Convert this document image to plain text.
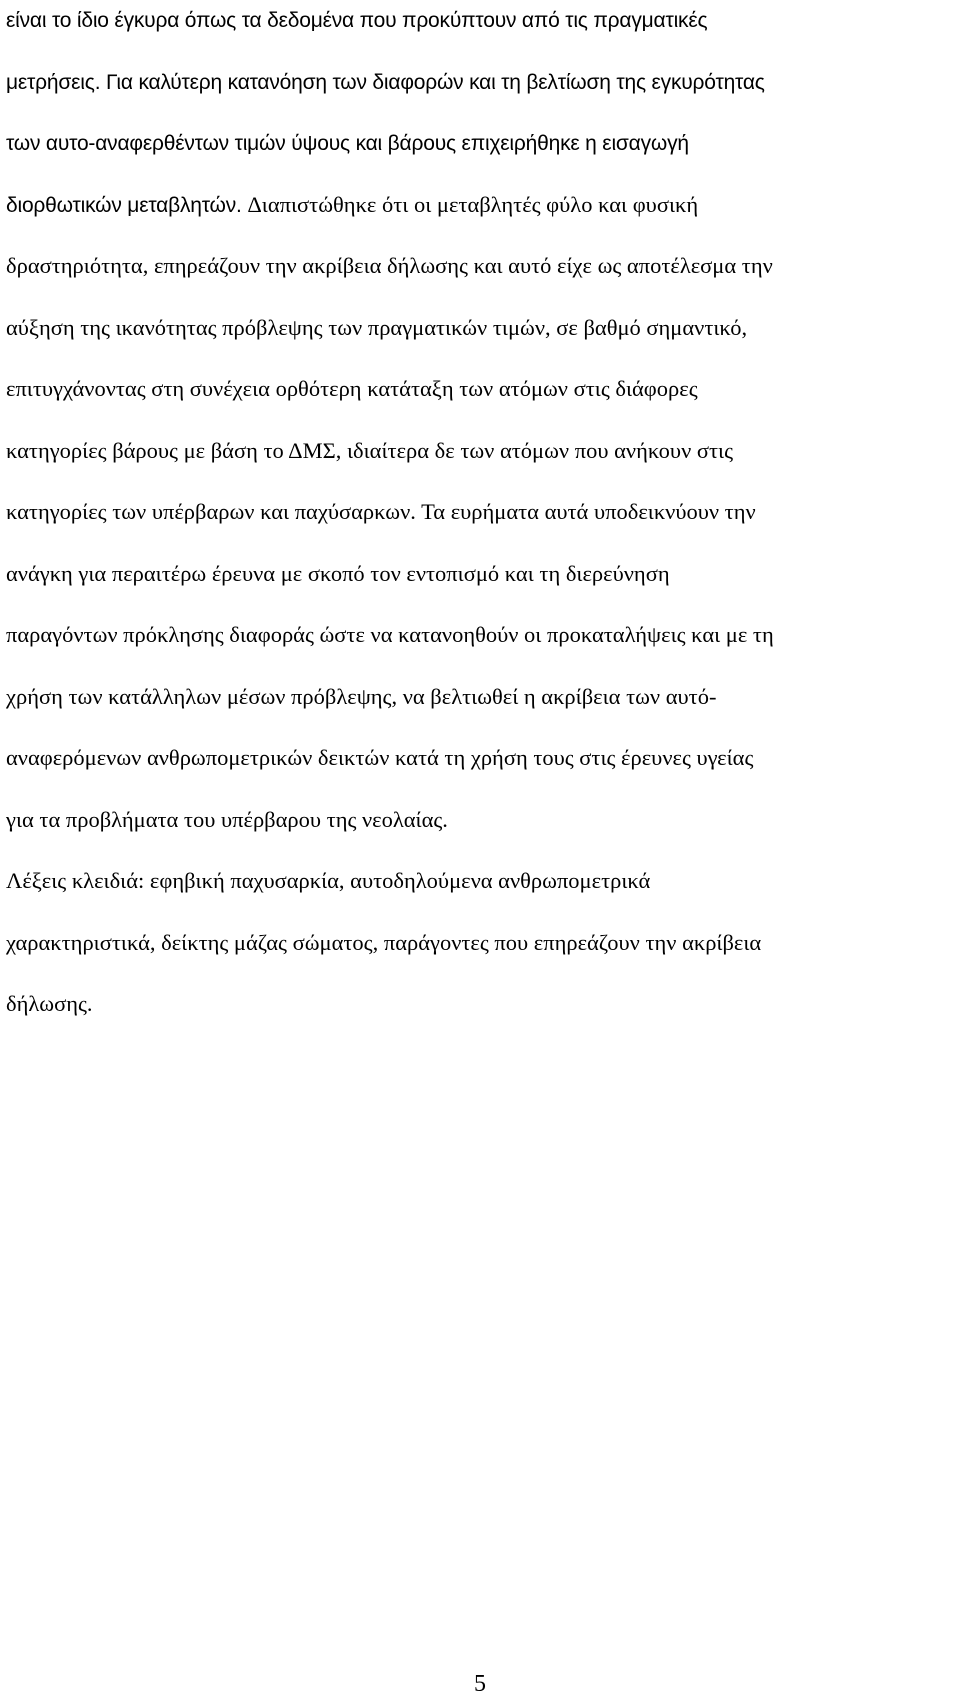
είναι το ίδιο έγκυρα όπως τα δεδομένα που προκύπτουν από τις πραγματικές
μετρήσεις. Για καλύτερη κατανόηση των διαφορών και τη βελτίωση της εγκυρότητας
των αυτο-αναφερθέντων τιμών ύψους και βάρους επιχειρήθηκε η εισαγωγή
διορθωτικών μεταβλητών. Διαπιστώθηκε ότι οι μεταβλητές φύλο και φυσική
δραστηριότητα, επηρεάζουν την ακρίβεια δήλωσης και αυτό είχε ως αποτέλεσμα την
αύξηση της ικανότητας πρόβλεψης των πραγματικών τιμών, σε βαθμό σημαντικό,
επιτυγχάνοντας στη συνέχεια ορθότερη κατάταξη των ατόμων στις διάφορες
κατηγορίες βάρους με βάση το ΔΜΣ, ιδιαίτερα δε των ατόμων που ανήκουν στις
κατηγορίες των υπέρβαρων και παχύσαρκων. Τα ευρήματα αυτά υποδεικνύουν την
ανάγκη για περαιτέρω έρευνα με σκοπό τον εντοπισμό και τη διερεύνηση
παραγόντων πρόκλησης διαφοράς ώστε να κατανοηθούν οι προκαταλήψεις και με τη
χρήση των κατάλληλων μέσων πρόβλεψης, να βελτιωθεί η ακρίβεια των αυτό-
αναφερόμενων ανθρωπομετρικών δεικτών κατά τη χρήση τους στις έρευνες υγείας
για τα προβλήματα του υπέρβαρου της νεολαίας.
Λέξεις κλειδιά: εφηβική παχυσαρκία, αυτοδηλούμενα ανθρωπομετρικά
χαρακτηριστικά, δείκτης μάζας σώματος, παράγοντες που επηρεάζουν την ακρίβεια
δήλωσης.
5
